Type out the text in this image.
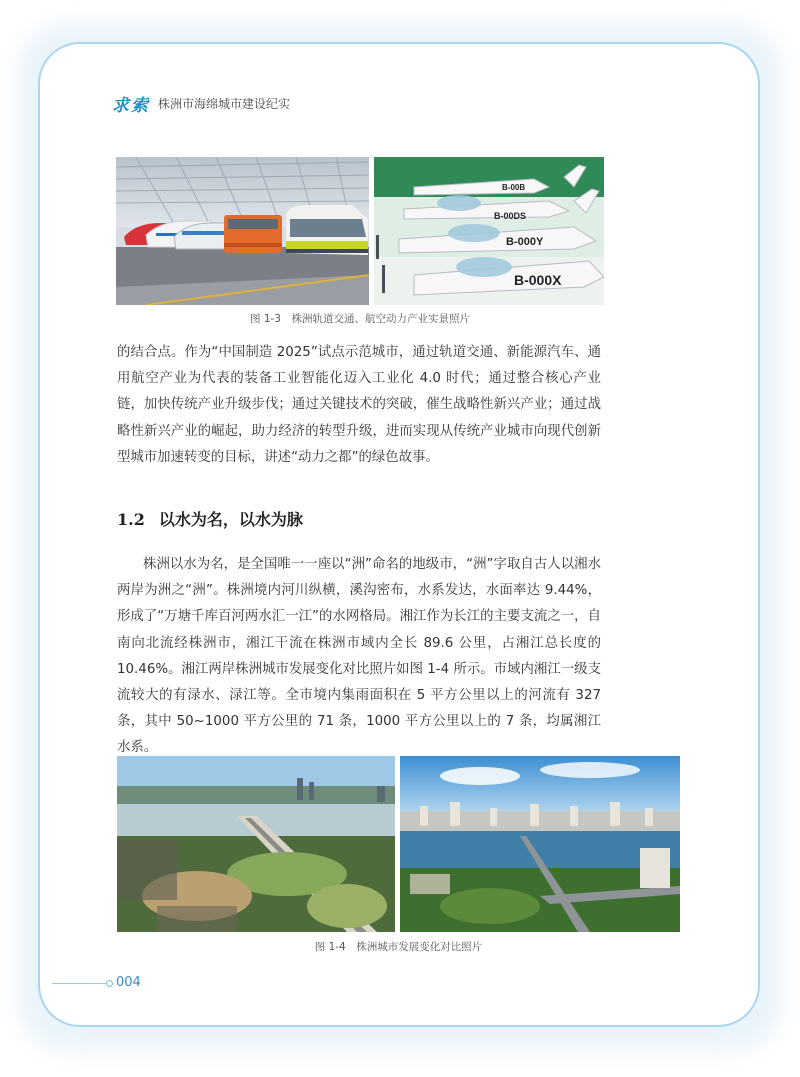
求索 株洲市海绵城市建设纪实
B-00B
B-00DS
B-000Y
B-000X
图 1-3　株洲轨道交通、航空动力产业实景照片

的结合点。作为“中国制造 2025”试点示范城市，通过轨道交通、新能源汽车、通用航空产业为代表的装备工业智能化迈入工业化 4.0 时代；通过整合核心产业链，加快传统产业升级步伐；通过关键技术的突破，催生战略性新兴产业；通过战略性新兴产业的崛起，助力经济的转型升级，进而实现从传统产业城市向现代创新型城市加速转变的目标，讲述“动力之都”的绿色故事。

1.2 以水为名，以水为脉

株洲以水为名，是全国唯一一座以“洲”命名的地级市，“洲”字取自古人以湘水两岸为洲之“洲”。株洲境内河川纵横，溪沟密布，水系发达，水面率达 9.44%，形成了“万塘千库百河两水汇一江”的水网格局。湘江作为长江的主要支流之一，自南向北流经株洲市，湘江干流在株洲市域内全长 89.6 公里，占湘江总长度的 10.46%。湘江两岸株洲城市发展变化对比照片如图 1-4 所示。市域内湘江一级支流较大的有渌水、渌江等。全市境内集雨面积在 5 平方公里以上的河流有 327 条，其中 50~1000 平方公里的 71 条，1000 平方公里以上的 7 条，均属湘江水系。

图 1-4　株洲城市发展变化对比照片
004
